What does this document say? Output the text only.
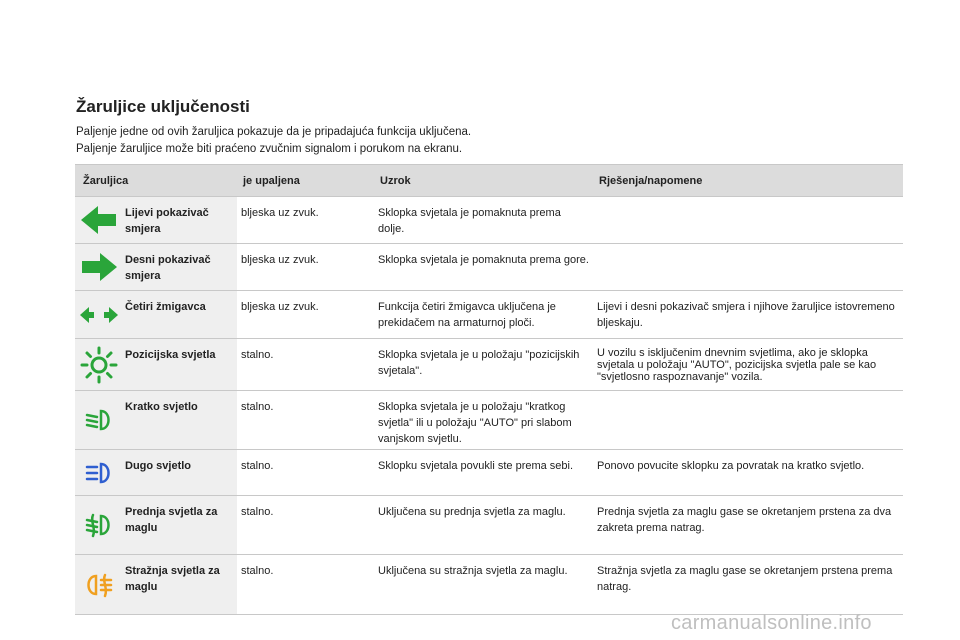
Žaruljice uključenosti
Paljenje jedne od ovih žaruljica pokazuje da je pripadajuća funkcija uključena.
Paljenje žaruljice može biti praćeno zvučnim signalom i porukom na ekranu.
Žaruljica		je upaljena	Uzrok	Rješenja/napomene

	Lijevi pokazivač smjera	bljeska uz zvuk.	Sklopka svjetala je pomaknuta prema dolje.	

	Desni pokazivač smjera	bljeska uz zvuk.	Sklopka svjetala je pomaknuta prema gore.	

	Četiri žmigavca	bljeska uz zvuk.	Funkcija četiri žmigavca uključena je prekidačem na armaturnoj ploči.	Lijevi i desni pokazivač smjera i njihove žaruljice istovremeno bljeskaju.

	Pozicijska svjetla	stalno.	Sklopka svjetala je u položaju "pozicijskih svjetala".	U vozilu s isključenim dnevnim svjetlima, ako je sklopka svjetala u položaju "AUTO", pozicijska svjetla pale se kao "svjetlosno raspoznavanje" vozila.

	Kratko svjetlo	stalno.	Sklopka svjetala je u položaju "kratkog svjetla" ili u položaju "AUTO" pri slabom vanjskom svjetlu.	

	Dugo svjetlo	stalno.	Sklopku svjetala povukli ste prema sebi.	Ponovo povucite sklopku za povratak na kratko svjetlo.

	Prednja svjetla za maglu	stalno.	Uključena su prednja svjetla za maglu.	Prednja svjetla za maglu gase se okretanjem prstena za dva zakreta prema natrag.

	Stražnja svjetla za maglu	stalno.	Uključena su stražnja svjetla za maglu.	Stražnja svjetla za maglu gase se okretanjem prstena prema natrag.
carmanualsonline.info
